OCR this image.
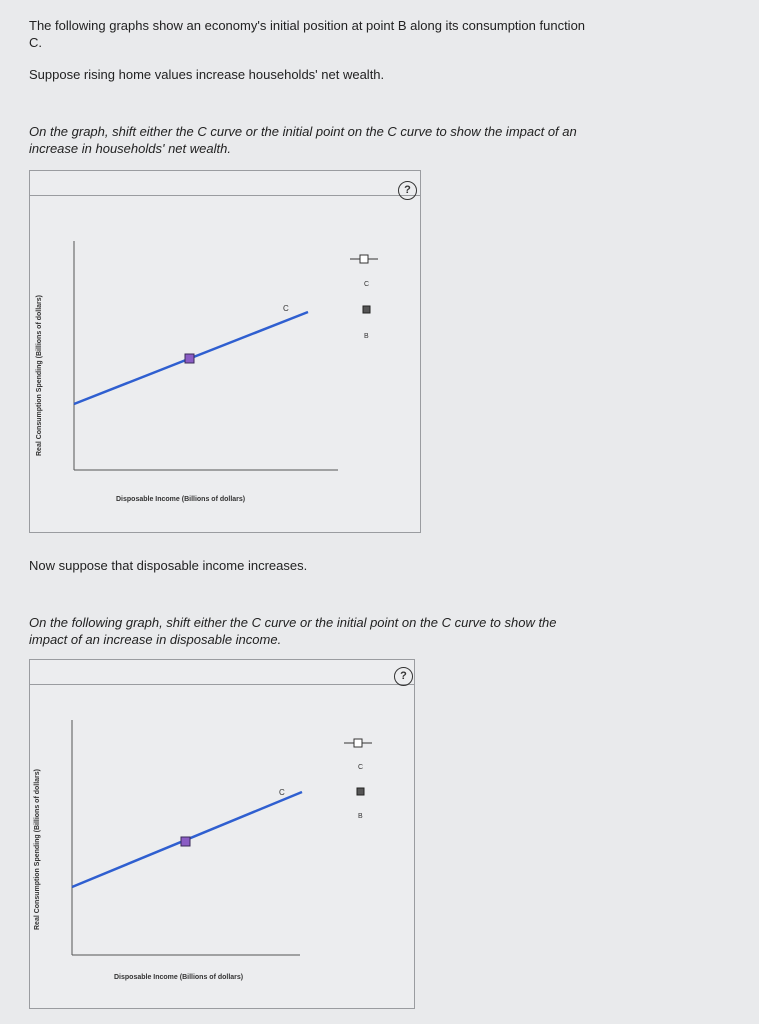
The following graphs show an economy's initial position at point B along its consumption function
C.
Suppose rising home values increase households' net wealth.
On the graph, shift either the C curve or the initial point on the C curve to show the impact of an
increase in households' net wealth.
?
Real Consumption Spending (Billions of dollars)
Disposable Income (Billions of dollars)
C
C
B
Now suppose that disposable income increases.
On the following graph, shift either the C curve or the initial point on the C curve to show the
impact of an increase in disposable income.
?
Real Consumption Spending (Billions of dollars)
Disposable Income (Billions of dollars)
C
C
B
